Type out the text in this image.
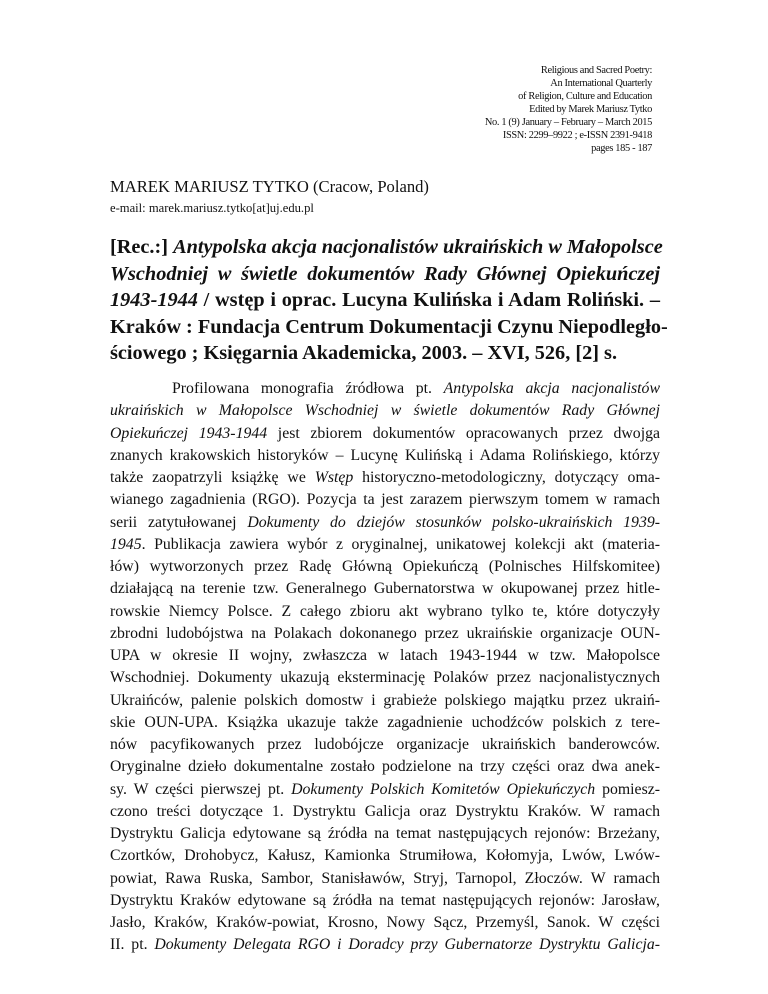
Religious and Sacred Poetry:
An International Quarterly
of Religion, Culture and Education
Edited by Marek Mariusz Tytko
No. 1 (9) January – February – March 2015
ISSN: 2299–9922 ; e-ISSN 2391-9418
pages 185 - 187
MAREK MARIUSZ TYTKO (Cracow, Poland)
e-mail: marek.mariusz.tytko[at]uj.edu.pl
[Rec.:] Antypolska akcja nacjonalistów ukraińskich w Małopolsce
Wschodniej w świetle dokumentów Rady Głównej Opiekuńczej
1943-1944 / wstęp i oprac. Lucyna Kulińska i Adam Roliński. –
Kraków : Fundacja Centrum Dokumentacji Czynu Niepodległo-
ściowego ; Księgarnia Akademicka, 2003. – XVI, 526, [2] s.
Profilowana monografia źródłowa pt. Antypolska akcja nacjonalistów
ukraińskich w Małopolsce Wschodniej w świetle dokumentów Rady Głównej
Opiekuńczej 1943-1944 jest zbiorem dokumentów opracowanych przez dwojga
znanych krakowskich historyków – Lucynę Kulińską i Adama Rolińskiego, którzy
także zaopatrzyli książkę we Wstęp historyczno-metodologiczny, dotyczący oma-
wianego zagadnienia (RGO). Pozycja ta jest zarazem pierwszym tomem w ramach
serii zatytułowanej Dokumenty do dziejów stosunków polsko-ukraińskich 1939-
1945. Publikacja zawiera wybór z oryginalnej, unikatowej kolekcji akt (materia-
łów) wytworzonych przez Radę Główną Opiekuńczą (Polnisches Hilfskomitee)
działającą na terenie tzw. Generalnego Gubernatorstwa w okupowanej przez hitle-
rowskie Niemcy Polsce. Z całego zbioru akt wybrano tylko te, które dotyczyły
zbrodni ludobójstwa na Polakach dokonanego przez ukraińskie organizacje OUN-
UPA w okresie II wojny, zwłaszcza w latach 1943-1944 w tzw. Małopolsce
Wschodniej. Dokumenty ukazują eksterminację Polaków przez nacjonalistycznych
Ukraińców, palenie polskich domostw i grabieże polskiego majątku przez ukraiń-
skie OUN-UPA. Książka ukazuje także zagadnienie uchodźców polskich z tere-
nów pacyfikowanych przez ludobójcze organizacje ukraińskich banderowców.
Oryginalne dzieło dokumentalne zostało podzielone na trzy części oraz dwa anek-
sy. W części pierwszej pt. Dokumenty Polskich Komitetów Opiekuńczych pomiesz-
czono treści dotyczące 1. Dystryktu Galicja oraz Dystryktu Kraków. W ramach
Dystryktu Galicja edytowane są źródła na temat następujących rejonów: Brzeżany,
Czortków, Drohobycz, Kałusz, Kamionka Strumiłowa, Kołomyja, Lwów, Lwów-
powiat, Rawa Ruska, Sambor, Stanisławów, Stryj, Tarnopol, Złoczów. W ramach
Dystryktu Kraków edytowane są źródła na temat następujących rejonów: Jarosław,
Jasło, Kraków, Kraków-powiat, Krosno, Nowy Sącz, Przemyśl, Sanok. W części
II. pt. Dokumenty Delegata RGO i Doradcy przy Gubernatorze Dystryktu Galicja-
